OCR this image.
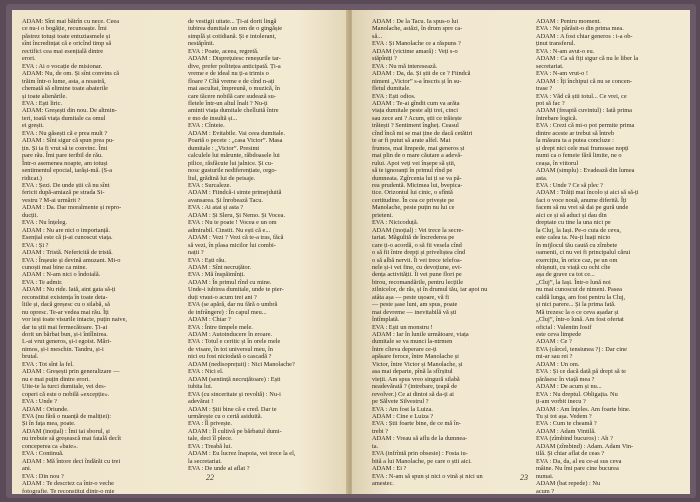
ADAM: Sînt mai bătrîn cu nece. Ceea
ce nu-i o bogăție, recunoaște. Îmi
păstrez totuși toate entuziasmele și
sînt încredințat că e oricînd timp să
rectifici cea mai esențială dintre
erori.
EVA : Ai o vocație de misionar.
ADAM: Nu, de om. Și sînt convins că
trăim într-o lume, asta, a noastră,
chemată să elimine toate abaterile
și toate alienările.
EVA : Ești liric.
ADAM: Greșești din nou. De altmin-
teri, toată viața dumitale ca omul
ei greșit.
EVA : Nu găsești că e prea mult ?
ADAM : Sînt sigur că spun prea pu-
țin. Și ia fi vrut să te convinc. Îmi
pare rău. Îmi pare teribil de rău.
Într-o asemenea noapte, am totuși
sentimentul epocial, iarăși-mă. (S-a
ridicat.)
EVA : Șezi. De unde știi că nu sînt
fericit după-amiază pe strada Si-
vestru ? M-ai urmărit ?
ADAM : Da. Dar moralmente și repro-
ducții.
EVA : Nu înțeleg.
ADAM : Nu are nici o importanță.
Esențial este că ți-ai cunoscut viața.
EVA : Și ?
ADAM : Tristă. Nefericită de tristă.
EVA : Înșeuie și devină amuzant. Mi-o
cunoști mai bine ca mine.
ADAM : N-am nici o îndoială.
EVA : Te admir.
ADAM : Nu ride. Iată, aint gata să-ți
reconstitui existența în toate deta-
liile și, dacă greșesc cu o silabă, să
nu opresc. Te-ar vedea mai rău. Îți
vor ieși toate visurile intacte, puțin naive,
dar tu știi mai fermecătoare. Ți-ai
dorit un bărbat bun, și-i întîlnirea.
L-ai vrut generos, și-i egoist. Mări-
nimos, și-i meschin. Tandru, și-i
brutal.
EVA : Tot sînt la fel.
ADAM : Greșești prin generalizare —
nu e mai puțin dintre erori.
Uite-te la turci dumitale, vei des-
coperi că este o nobilă «excepție».
EVA : Unde ?
ADAM : Oriunde.
EVA (nu fără o nuanță de maliției):
Și în fața mea, poate.
ADAM (inoțial) : Îmi tai sborul, și
nu trebuie să greșească mai fatală decît
conceperea ca «baie».
EVA : Continuă.
ADAM : Mă întore deci îndărăt cu trei
ani.
EVA : Din nou ?
ADAM : Te descriez ca într-o veche
fotografie. Te reconstitui dintr-o mie
de vestigii uitate... Ți-ai dorit lingă
iubirea dumitale un om de o gingășie
simplă și cotidiană. Și e intolerant,
nestăpînit.
EVA : Poate, aceea, regretă.
ADAM : Disprețuiesc reneșurile tar-
dive, prefer politețea anticipată. Ți-a
vreme e de ideal nu ți-a trimis o
floare ? Cîtă vreme e de cînd n-ați
mai ascultat, împreună, o muzică, în
care tăcere nobilă care sudează su-
fletele într-un altul înalt ? Nu-ți
aminti viața dumitale chelluită între
e mo de insultă și...
EVA : Cînteie.
ADAM : Evitabile. Vai ceea dumitale.
Poartă o pecete : „casa Victor”. Masa
dumitale : „Victor”. Presimt
calculele lui mărunte, răbdoasele lui
pilice, răsfăcute lui jalnice. Și cu-
nosc gusturile nediferențiate, orgo-
liul, grădină lui de peisaje.
EVA : Surcaleze.
ADAM : Fiindcă-i simte primejduită
avansarea. Și înrobează Tacu.
EVA : Ai atai și asta ?
ADAM : Și Sleru, Și Nemo. Și Vocea.
EVA : Nu te poate ! Vocea e un om
admirabil. Cinstit. Nu ești că e...
ADAM : Vezi ? Vezi că te-a tras, făcă
să vezi, în plasa micilor lui combi-
nații ?
EVA : Ești rău.
ADAM : Sînt necruțător.
EVA : Mă înspăimînți.
ADAM : În primul rînd cu mine.
Unde-i iubirea dumitale, unde te pier-
duți vraut-o acum trei ani ?
EVA (se apără, dar nu fără o umbră
de infrângere) : În capul meu...
ADAM : Chiar ?
EVA : Între timpele mele.
ADAM : Autoinducere în eroare.
EVA : Totul e ceritic și în orele mele
de visare, în tot universul meu, în
nici eu fost niciodată o cascadă ?
ADAM (nedisoprețuit) : Nici Manolache?
EVA : Nici el.
ADAM (sentință necruțătoare) : Ești
iubita lui.
EVA (cu sinceritate și revoltă) : Nu-i
adevărat !
ADAM : Știi bine că e cred. Dar te
urmărește cu o certă asiduită.
EVA : Îl privește.
ADAM : Îl cultivă pe bărbatul dumi-
tale, deci îl plece.
EVA : Treabă lui.
ADAM : Eu lucrez înapoia, vei trece la el,
la secretariat.
EVA : De unde ai aflat ?
22
ADAM : De la Tacu. Ia spus-o lui
Manolache, astăzi, în drum spre ca-
să...
EVA : Și Manolache ce a răspuns ?
ADAM (victime amară) : Veți s-o
stăpîniți ?
EVA : Nu mă interesează.
ADAM : Da, da. Și știi de ce ? Fiindcă
nimeni „Victor” s-a înscris și în su-
fletul dumitale.
EVA : Ești odios.
ADAM : Te-ai gîndit cum va arăta
viața dumitale peste alți trei, cinci
sau zece ani ? Acum, știi ce trăiește
trăiești ? Sentiment îngheț. Ceasul
cînd încă mi se mai ține de dacă cetătiri
te ar fi putut să arate alfel. Mai
frumos, mai limpede, mai generos și
mai plin de o mare căutare a adevă-
rului. Apoi veți vei înșepe să știi,
să te ignoranți în primul rînd pe
dumneata. Zgîrcenia lui ți se va pă-
rea prudentă. Micimea lui, bvepica-
tice. Orizontul lui cinic, o sfîntă
certitudine. În cea ce privește pe
Manolache, peste puțin nu lui ce
prieteni.
EVA : Nicicoduță.
ADAM (inoțial) : Vei trece la secre-
tariat. Măgulită de încrederea pe
care ți-o acordă, o să fii vesela cînd
o să fii între drepți și priveliștea cînd
o să albă nervii. Îi vei trece telefoa-
nele și-i vei fine, cu devoțiune, evi-
dența activității. Îi vei pune flori pe
birou, recomandările, pentru lecțiile
zilnicelor, de răs, și în drumul tău, iar apoi nu
atâta așa — peste ușoare, vă fi
— peste șase luni, am spus, poate
mai devreme — inevitabilă vă ști
întîmplată.
EVA : Ești un monstru !
ADAM : Iar în lunile următoare, viața
dumitale se va munci la-ntrmen
între cîteva deperare ce-ți
apăsare feroce, între Manolache și
Victor, între Victor și Manolache, și
asa mai departe, pînă la sfîrșitul
vieții. Am spus vreo singură silabă
neadevărată ? (intrebare, țeapă de
revolver.) Ce ai dintoi să da-ți ai
pe Sălvete Silvestrul ?
EVA : Am fost la Luiza.
ADAM : Cine e Luiza ?
EVA : Știi foarte bine, de ce mă în-
trebi ?
ADAM : Vreau să aflu de la dumnea-
ta.
EVA (infrîntă prin obsesie) : Fosta iu-
bită a lui Manolache, pe care o știi aici.
ADAM : Ei ?
EVA : N-am să spun și nici o vină și nici un
amestec.
ADAM : Pentru moment.
EVA : Ne părăsit-o din prima mea.
ADAM : A fost chiar generos : i-a ob-
ținut transferul.
EVA : N-am avut-o eu.
ADAM : Ca să fiți sigur că nu le liber la
secretariat.
EVA : N-am vrut-o !
ADAM : Îți închipui că nu se concen-
trase ?
EVA : Văd că știi totul... Ce vrei, ce
pot să fac ?
ADAM (freapiă cuvintul) : Iată prima
întrebare logică.
EVA : Crezi că mi-o pot permite prima
dintre aceste ar trebui să întreb
la măsura ta a putea concluze :
și drept nici cele mai frumoase nopți
numi ca o femeie fără limite, ne o
ceașa, în viitorul
ADAM (simplu) : Evadează din lumea
asta.
EVA : Unde ? Ce să plec ?
ADAM : Trăiți mai încolo și aici să să-ți
faci o voce nouă, anume diferită. Îți
facem să nu vrei să dai pe gură unde
aici ce și să aduci și dau din
dreptate cu tine la una nici pe
la Cluj, la Iași. Pe-o cuia de ceva,
este calea ta. Nu-ți luați nicio
în mijlocul tău caută cu zîmbete
oamenii, ci nu vei fi principalul cărui
exercițiu, în orice caz, pe un om
obișnuit, cu viață cu ochi cîte
așa de grave ca tot ce...
„Cluj”, la Iași. Într-o lună noi
nu mai cunoscut de nimeni. Pasea
caldă lunga, am fost pentru la Cluj,
și nici parere... Și la prima fată.
Mă trezesc la o ce ceva așadar și
„Cluj”, într-o lună. Am fost ofertat
oficial : Valentin Iosif
este ceva limpede
ADAM : Ce ?
EVA (cârcel, tensiunea ?) : Dar cine
mi-ar sau rei ?
ADAM : Un om.
EVA : Și ce dacă dată pă drept să te
părăsesc în viață mea ?
ADAM : De acum și nu...
EVA : Nu dreptul. Obligația. Nu
ți-am vorbit inecu ?
ADAM : Am înțeles. Am foarte bine.
Tu și tot așa. Vedem ?
EVA : Cum te cheamă ?
ADAM : Adam Vintilă.
EVA (zîmbind bucuros) : Ah ?
ADAM (zîmbind) : Adam. Adam Vin-
tilă. Și chiar aflat de ceas ?
EVA : Da, da, al eu ce-ai sus ceva
mâine. Nu îmi pare cine bucurea
numai.
ADAM (bat repede) : Nu
acum ?
23
